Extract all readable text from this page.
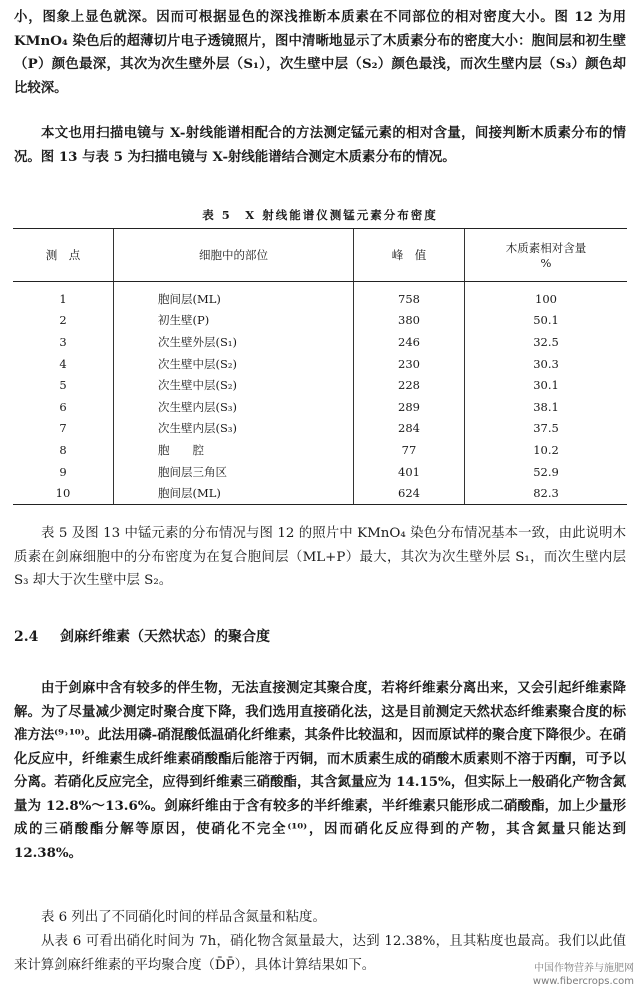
小，图象上显色就深。因而可根据显色的深浅推断本质素在不同部位的相对密度大小。图 12 为用 KMnO₄ 染色后的超薄切片电子透镜照片，图中清晰地显示了木质素分布的密度大小：胞间层和初生壁（P）颜色最深，其次为次生壁外层（S₁），次生壁中层（S₂）颜色最浅，而次生壁内层（S₃）颜色却比较深。

本文也用扫描电镜与 X-射线能谱相配合的方法测定锰元素的相对含量，间接判断木质素分布的情况。图 13 与表 5 为扫描电镜与 X-射线能谱结合测定木质素分布的情况。

表 5　X 射线能谱仪测锰元素分布密度
测　点	细胞中的部位	峰　值	木质素相对含量
%

1	胞间层(ML)	758	100
2	初生壁(P)	380	50.1
3	次生壁外层(S₁)	246	32.5
4	次生壁中层(S₂)	230	30.3
5	次生壁中层(S₂)	228	30.1
6	次生壁内层(S₃)	289	38.1
7	次生壁内层(S₃)	284	37.5
8	胞　　腔	77	10.2
9	胞间层三角区	401	52.9
10	胞间层(ML)	624	82.3

表 5 及图 13 中锰元素的分布情况与图 12 的照片中 KMnO₄ 染色分布情况基本一致，由此说明木质素在剑麻细胞中的分布密度为在复合胞间层（ML+P）最大，其次为次生壁外层 S₁，而次生壁内层 S₃ 却大于次生壁中层 S₂。

2.4 剑麻纤维素（天然状态）的聚合度

由于剑麻中含有较多的伴生物，无法直接测定其聚合度，若将纤维素分离出来，又会引起纤维素降解。为了尽量减少测定时聚合度下降，我们选用直接硝化法，这是目前测定天然状态纤维素聚合度的标准方法⁽⁹˒¹⁰⁾。此法用磷-硝混酸低温硝化纤维素，其条件比较温和，因而原试样的聚合度下降很少。在硝化反应中，纤维素生成纤维素硝酸酯后能溶于丙铜，而木质素生成的硝酸木质素则不溶于丙酮，可予以分离。若硝化反应完全，应得到纤维素三硝酸酯，其含氮量应为 14.15%，但实际上一般硝化产物含氮量为 12.8%～13.6%。剑麻纤维由于含有较多的半纤维素，半纤维素只能形成二硝酸酯，加上少量形成的三硝酸酯分解等原因，使硝化不完全⁽¹⁰⁾，因而硝化反应得到的产物，其含氮量只能达到 12.38%。

表 6 列出了不同硝化时间的样品含氮量和粘度。

从表 6 可看出硝化时间为 7h，硝化物含氮量最大，达到 12.38%，且其粘度也最高。我们以此值来计算剑麻纤维素的平均聚合度（D̄P̄），具体计算结果如下。	中国作物营养与施肥网
www.fibercrops.com
